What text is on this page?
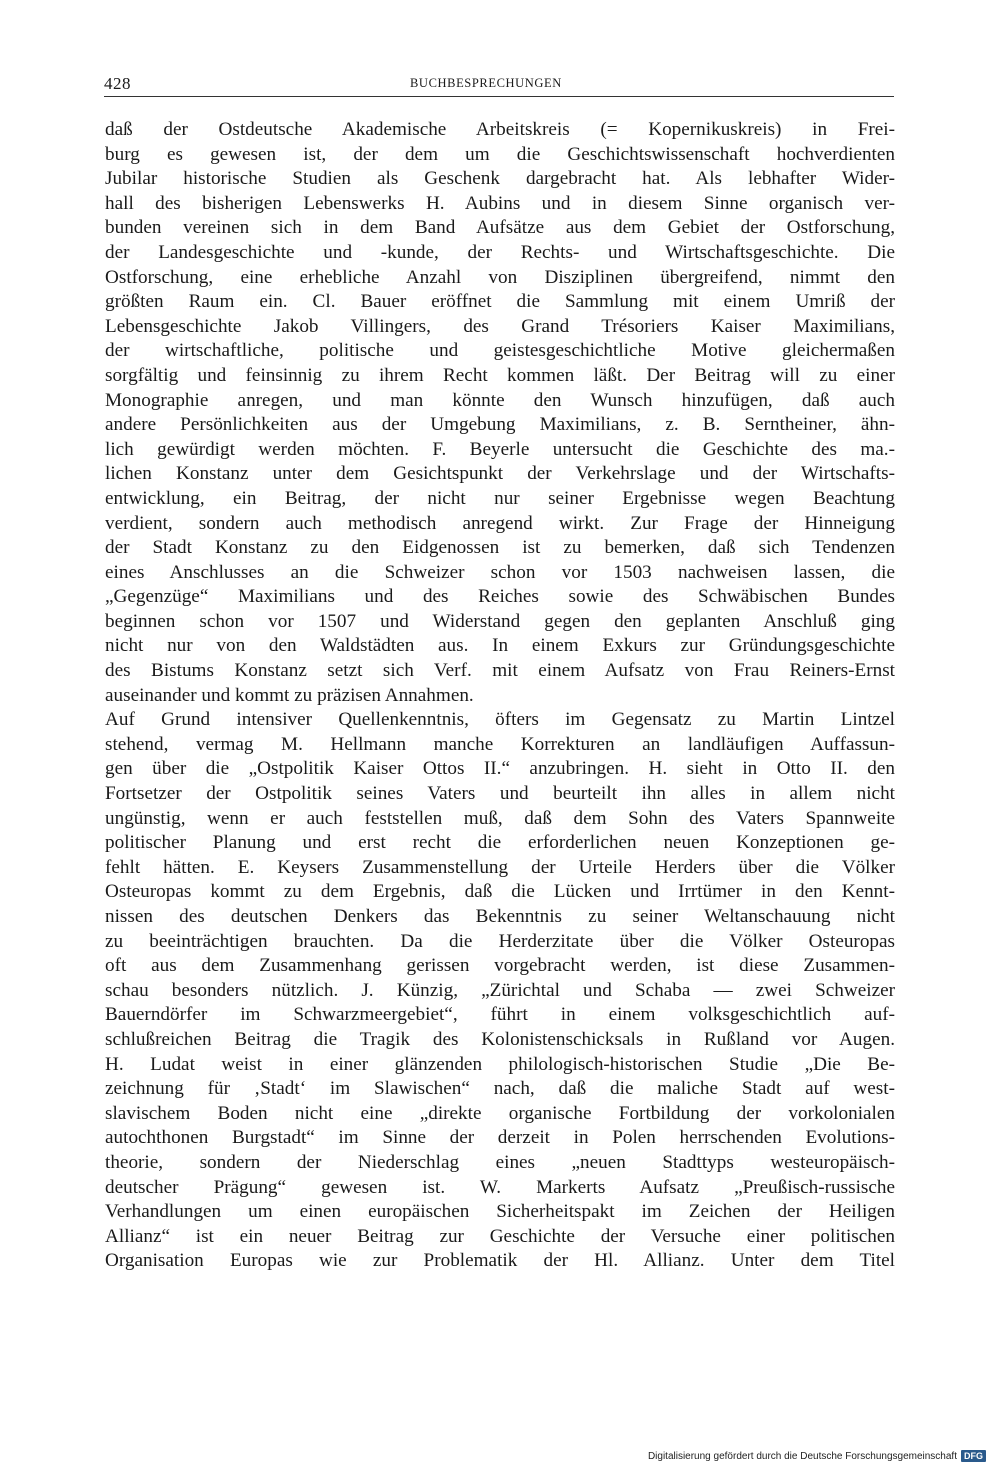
428	BUCHBESPRECHUNGEN
daß der Ostdeutsche Akademische Arbeitskreis (= Kopernikuskreis) in Frei-
burg es gewesen ist, der dem um die Geschichtswissenschaft hochverdienten
Jubilar historische Studien als Geschenk dargebracht hat. Als lebhafter Wider-
hall des bisherigen Lebenswerks H. Aubins und in diesem Sinne organisch ver-
bunden vereinen sich in dem Band Aufsätze aus dem Gebiet der Ostforschung,
der Landesgeschichte und -kunde, der Rechts- und Wirtschaftsgeschichte. Die
Ostforschung, eine erhebliche Anzahl von Disziplinen übergreifend, nimmt den
größten Raum ein. Cl. Bauer eröffnet die Sammlung mit einem Umriß der
Lebensgeschichte Jakob Villingers, des Grand Trésoriers Kaiser Maximilians,
der wirtschaftliche, politische und geistesgeschichtliche Motive gleichermaßen
sorgfältig und feinsinnig zu ihrem Recht kommen läßt. Der Beitrag will zu einer
Monographie anregen, und man könnte den Wunsch hinzufügen, daß auch
andere Persönlichkeiten aus der Umgebung Maximilians, z. B. Serntheiner, ähn-
lich gewürdigt werden möchten. F. Beyerle untersucht die Geschichte des ma.-
lichen Konstanz unter dem Gesichtspunkt der Verkehrslage und der Wirtschafts-
entwicklung, ein Beitrag, der nicht nur seiner Ergebnisse wegen Beachtung
verdient, sondern auch methodisch anregend wirkt. Zur Frage der Hinneigung
der Stadt Konstanz zu den Eidgenossen ist zu bemerken, daß sich Tendenzen
eines Anschlusses an die Schweizer schon vor 1503 nachweisen lassen, die
„Gegenzüge“ Maximilians und des Reiches sowie des Schwäbischen Bundes
beginnen schon vor 1507 und Widerstand gegen den geplanten Anschluß ging
nicht nur von den Waldstädten aus. In einem Exkurs zur Gründungsgeschichte
des Bistums Konstanz setzt sich Verf. mit einem Aufsatz von Frau Reiners-Ernst
auseinander und kommt zu präzisen Annahmen.
Auf Grund intensiver Quellenkenntnis, öfters im Gegensatz zu Martin Lintzel
stehend, vermag M. Hellmann manche Korrekturen an landläufigen Auffassun-
gen über die „Ostpolitik Kaiser Ottos II.“ anzubringen. H. sieht in Otto II. den
Fortsetzer der Ostpolitik seines Vaters und beurteilt ihn alles in allem nicht
ungünstig, wenn er auch feststellen muß, daß dem Sohn des Vaters Spannweite
politischer Planung und erst recht die erforderlichen neuen Konzeptionen ge-
fehlt hätten. E. Keysers Zusammenstellung der Urteile Herders über die Völker
Osteuropas kommt zu dem Ergebnis, daß die Lücken und Irrtümer in den Kennt-
nissen des deutschen Denkers das Bekenntnis zu seiner Weltanschauung nicht
zu beeinträchtigen brauchten. Da die Herderzitate über die Völker Osteuropas
oft aus dem Zusammenhang gerissen vorgebracht werden, ist diese Zusammen-
schau besonders nützlich. J. Künzig, „Zürichtal und Schaba — zwei Schweizer
Bauerndörfer im Schwarzmeergebiet“, führt in einem volksgeschichtlich auf-
schlußreichen Beitrag die Tragik des Kolonistenschicksals in Rußland vor Augen.
H. Ludat weist in einer glänzenden philologisch-historischen Studie „Die Be-
zeichnung für ‚Stadt‘ im Slawischen“ nach, daß die maliche Stadt auf west-
slavischem Boden nicht eine „direkte organische Fortbildung der vorkolonialen
autochthonen Burgstadt“ im Sinne der derzeit in Polen herrschenden Evolutions-
theorie, sondern der Niederschlag eines „neuen Stadttyps westeuropäisch-
deutscher Prägung“ gewesen ist. W. Markerts Aufsatz „Preußisch-russische
Verhandlungen um einen europäischen Sicherheitspakt im Zeichen der Heiligen
Allianz“ ist ein neuer Beitrag zur Geschichte der Versuche einer politischen
Organisation Europas wie zur Problematik der Hl. Allianz. Unter dem Titel
Digitalisierung gefördert durch die Deutsche Forschungsgemeinschaft DFG
